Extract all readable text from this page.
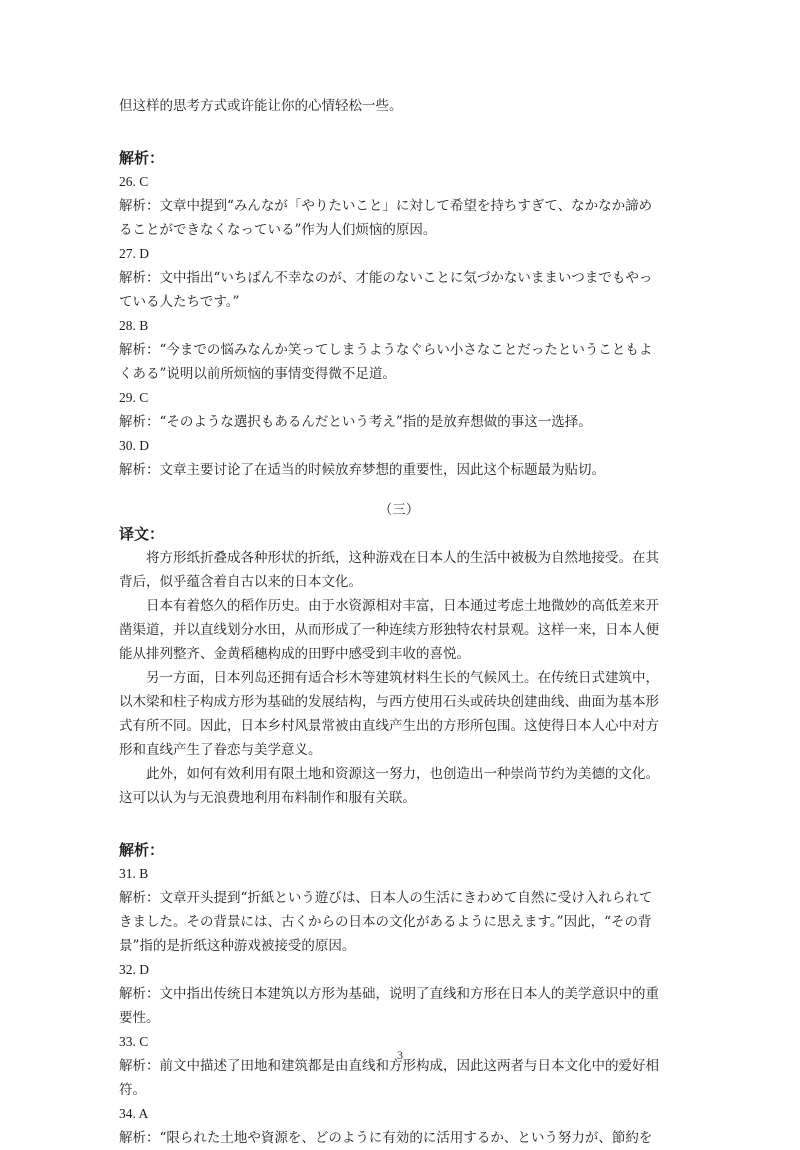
但这样的思考方式或许能让你的心情轻松一些。
解析：
26. C
解析：文章中提到“みんなが「やりたいこと」に対して希望を持ちすぎて、なかなか諦め
ることができなくなっている”作为人们烦恼的原因。
27. D
解析：文中指出“いちばん不幸なのが、才能のないことに気づかないままいつまでもやっ
ている人たちです。”
28. B
解析：“今までの悩みなんか笑ってしまうようなぐらい小さなことだったということもよ
くある”说明以前所烦恼的事情变得微不足道。
29. C
解析：“そのような選択もあるんだという考え”指的是放弃想做的事这一选择。
30. D
解析：文章主要讨论了在适当的时候放弃梦想的重要性，因此这个标题最为贴切。
（三）
译文：
将方形纸折叠成各种形状的折纸，这种游戏在日本人的生活中被极为自然地接受。在其
背后，似乎蕴含着自古以来的日本文化。
日本有着悠久的稻作历史。由于水资源相对丰富，日本通过考虑土地微妙的高低差来开
凿渠道，并以直线划分水田，从而形成了一种连续方形独特农村景观。这样一来，日本人便
能从排列整齐、金黄稻穗构成的田野中感受到丰收的喜悦。
另一方面，日本列岛还拥有适合杉木等建筑材料生长的气候风土。在传统日式建筑中，
以木梁和柱子构成方形为基础的发展结构，与西方使用石头或砖块创建曲线、曲面为基本形
式有所不同。因此，日本乡村风景常被由直线产生出的方形所包围。这使得日本人心中对方
形和直线产生了眷恋与美学意义。
此外，如何有效利用有限土地和资源这一努力，也创造出一种崇尚节约为美德的文化。
这可以认为与无浪费地利用布料制作和服有关联。
解析：
31. B
解析：文章开头提到“折紙という遊びは、日本人の生活にきわめて自然に受け入れられて
きました。その背景には、古くからの日本の文化があるように思えます。”因此，“その背
景”指的是折纸这种游戏被接受的原因。
32. D
解析：文中指出传统日本建筑以方形为基础，说明了直线和方形在日本人的美学意识中的重
要性。
33. C
解析：前文中描述了田地和建筑都是由直线和方形构成，因此这两者与日本文化中的爱好相
符。
34. A
解析：“限られた土地や資源を、どのように有効的に活用するか、という努力が、節約を
3
